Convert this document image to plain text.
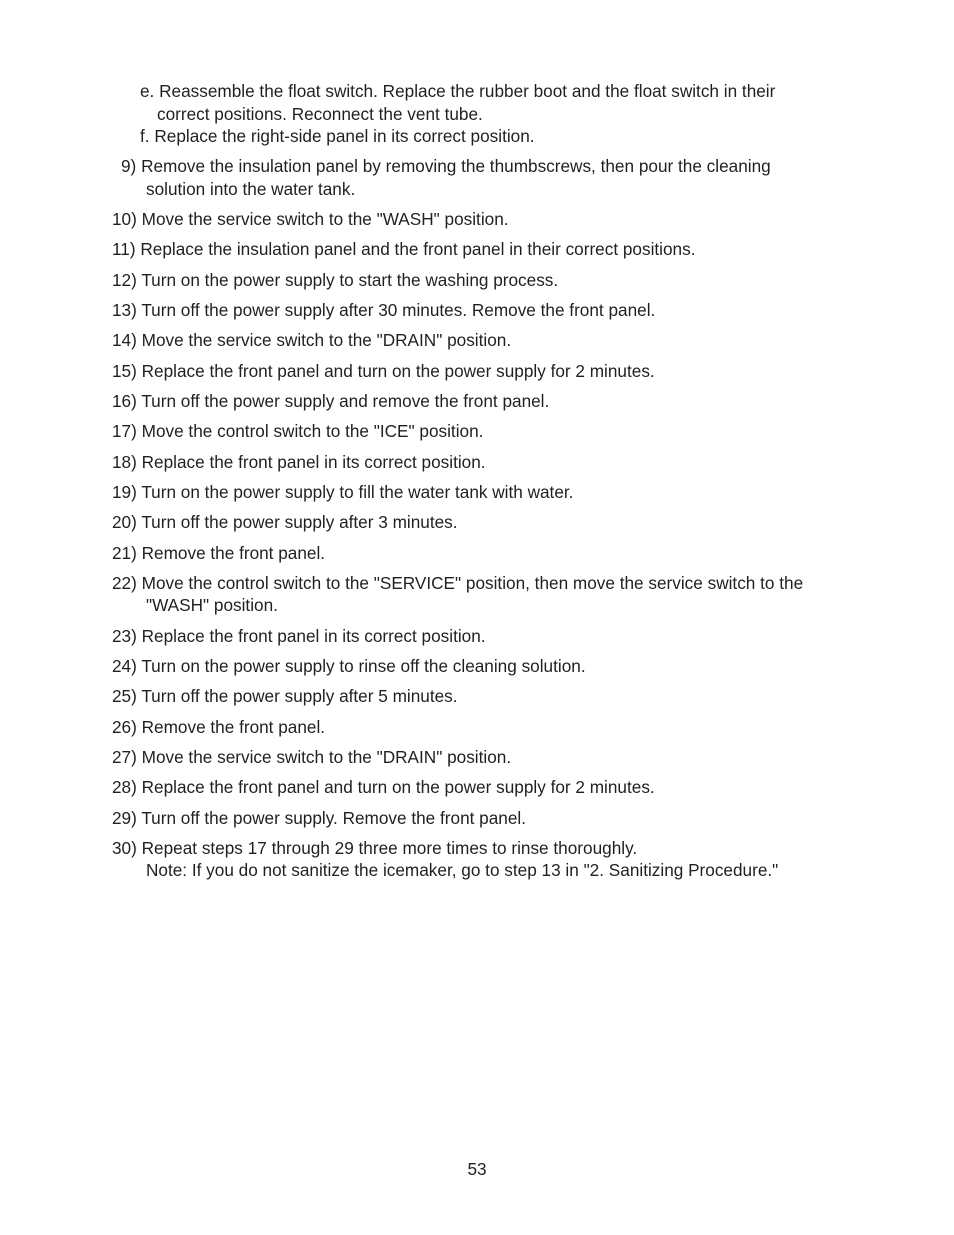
e. Reassemble the float switch. Replace the rubber boot and the float switch in their
correct positions. Reconnect the vent tube.
f. Replace the right-side panel in its correct position.
9) Remove the insulation panel by removing the thumbscrews, then pour the cleaning
solution into the water tank.
10) Move the service switch to the "WASH" position.
11) Replace the insulation panel and the front panel in their correct positions.
12) Turn on the power supply to start the washing process.
13) Turn off the power supply after 30 minutes. Remove the front panel.
14) Move the service switch to the "DRAIN" position.
15) Replace the front panel and turn on the power supply for 2 minutes.
16) Turn off the power supply and remove the front panel.
17) Move the control switch to the "ICE" position.
18) Replace the front panel in its correct position.
19) Turn on the power supply to fill the water tank with water.
20) Turn off the power supply after 3 minutes.
21) Remove the front panel.
22) Move the control switch to the "SERVICE" position, then move the service switch to the
"WASH" position.
23) Replace the front panel in its correct position.
24) Turn on the power supply to rinse off the cleaning solution.
25) Turn off the power supply after 5 minutes.
26) Remove the front panel.
27) Move the service switch to the "DRAIN" position.
28) Replace the front panel and turn on the power supply for 2 minutes.
29) Turn off the power supply. Remove the front panel.
30) Repeat steps 17 through 29 three more times to rinse thoroughly.
Note: If you do not sanitize the icemaker, go to step 13 in "2. Sanitizing Procedure."
53
